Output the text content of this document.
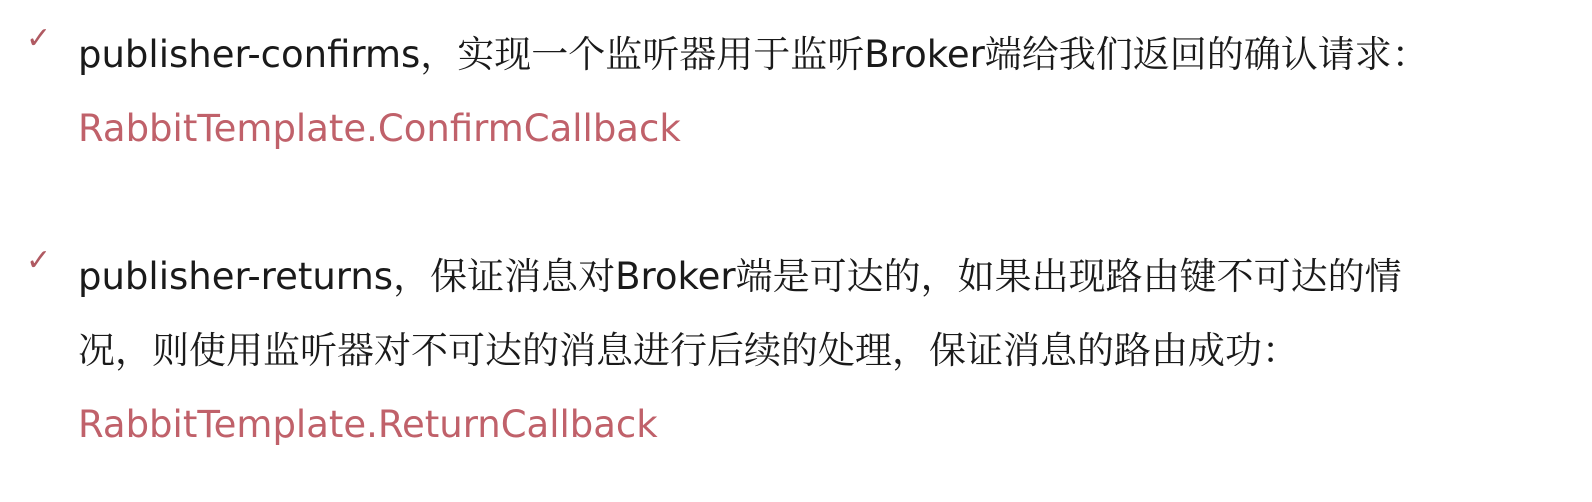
✓ publisher-confirms，实现一个监听器用于监听Broker端给我们返回的确认请求：
RabbitTemplate.ConfirmCallback
✓ publisher-returns，保证消息对Broker端是可达的，如果出现路由键不可达的情
况，则使用监听器对不可达的消息进行后续的处理，保证消息的路由成功：
RabbitTemplate.ReturnCallback
